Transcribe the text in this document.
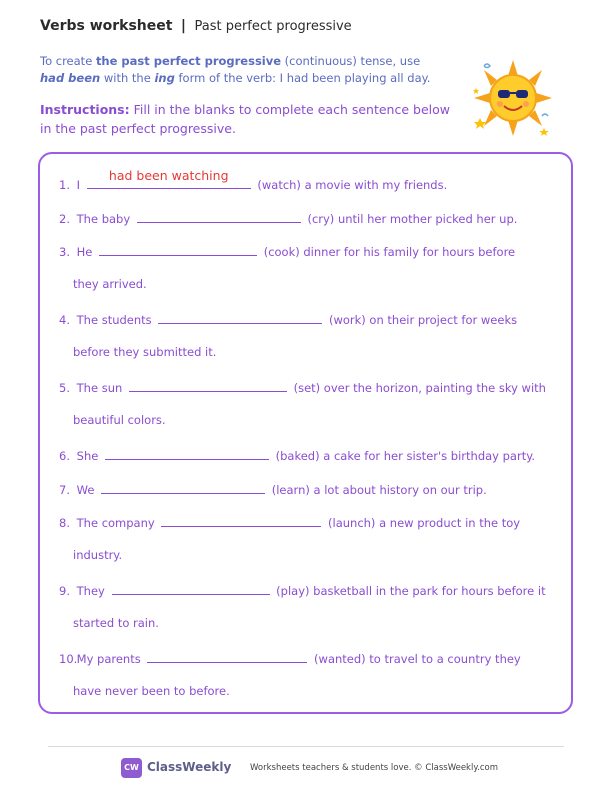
Verbs worksheet | Past perfect progressive
To create the past perfect progressive (continuous) tense, use had been with the ing form of the verb: I had been playing all day.
Instructions: Fill in the blanks to complete each sentence below in the past perfect progressive.
1. I
had been watching
(watch) a movie with my friends.
2. The baby	(cry) until her mother picked her up.
3. He	(cook) dinner for his family for hours before
they arrived.
4. The students	(work) on their project for weeks
before they submitted it.
5. The sun	(set) over the horizon, painting the sky with
beautiful colors.
6. She	(baked) a cake for her sister's birthday party.
7. We	(learn) a lot about history on our trip.
8. The company	(launch) a new product in the toy
industry.
9. They	(play) basketball in the park for hours before it
started to rain.
10. My parents	(wanted) to travel to a country they
have never been to before.
CW ClassWeekly Worksheets teachers & students love. © ClassWeekly.com
